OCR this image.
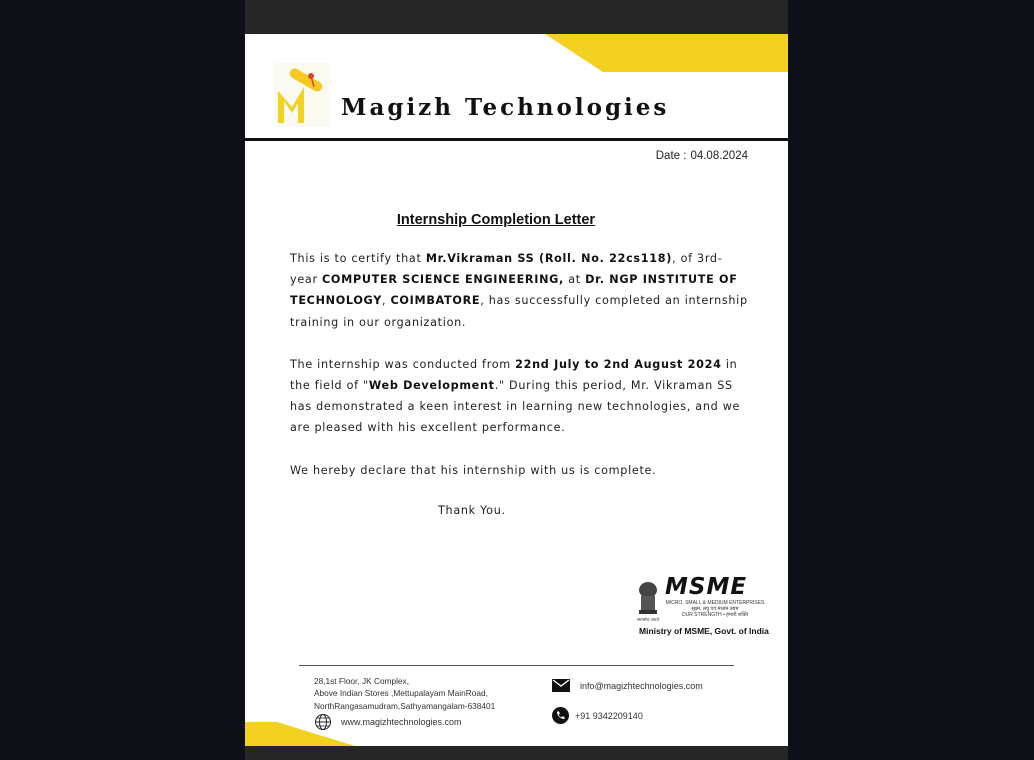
Magizh Technologies
Date : 04.08.2024
Internship Completion Letter

This is to certify that Mr.Vikraman SS (Roll. No. 22cs118), of 3rd-year COMPUTER SCIENCE ENGINEERING, at Dr. NGP INSTITUTE OF TECHNOLOGY, COIMBATORE, has successfully completed an internship training in our organization.

The internship was conducted from 22nd July to 2nd August 2024 in the field of "Web Development." During this period, Mr. Vikraman SS has demonstrated a keen interest in learning new technologies, and we are pleased with his excellent performance.

We hereby declare that his internship with us is complete.

Thank You.
सत्यमेव जयते
MSME
MICRO, SMALL & MEDIUM ENTERPRISES
सूक्ष्म, लघु एवं मध्यम उद्यम
OUR STRENGTH • हमारी शक्ति
Ministry of MSME, Govt. of India
28,1st Floor, JK Complex,
Above Indian Stores ,Mettupalayam MainRoad,
NorthRangasamudram,Sathyamangalam-638401
www.magizhtechnologies.com
info@magizhtechnologies.com
+91 9342209140
